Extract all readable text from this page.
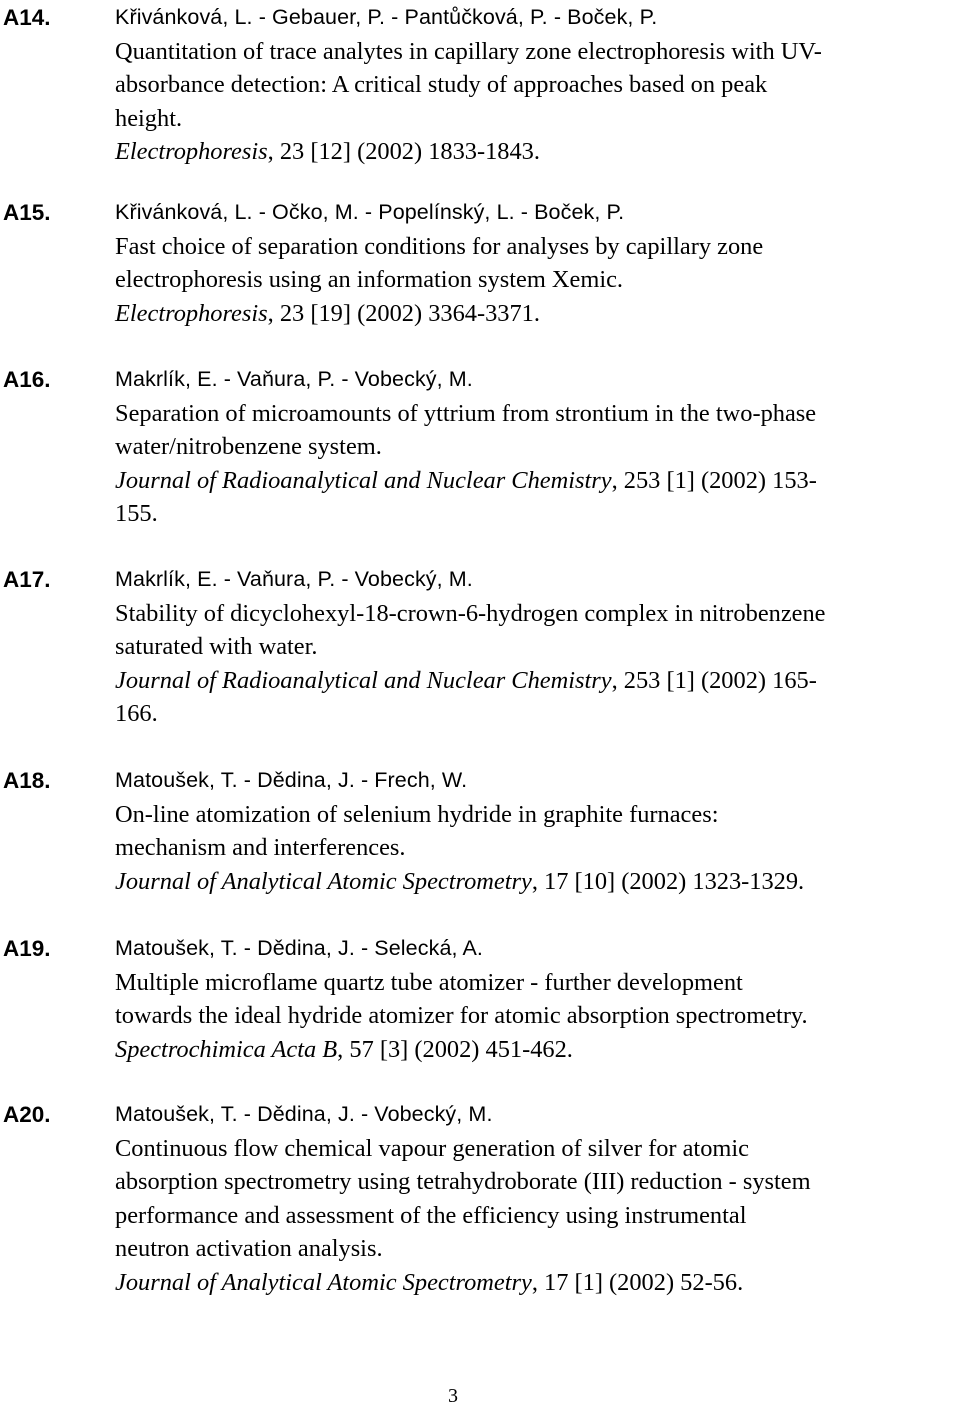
A14.	Křivánková, L. - Gebauer, P. - Pantůčková, P. - Boček, P.
Quantitation of trace analytes in capillary zone electrophoresis with UV-
absorbance detection: A critical study of approaches based on peak
height.
Electrophoresis, 23 [12] (2002) 1833-1843.
A15.	Křivánková, L. - Očko, M. - Popelínský, L. - Boček, P.
Fast choice of separation conditions for analyses by capillary zone
electrophoresis using an information system Xemic.
Electrophoresis, 23 [19] (2002) 3364-3371.
A16.	Makrlík, E. - Vaňura, P. - Vobecký, M.
Separation of microamounts of yttrium from strontium in the two-phase
water/nitrobenzene system.
Journal of Radioanalytical and Nuclear Chemistry, 253 [1] (2002) 153-
155.
A17.	Makrlík, E. - Vaňura, P. - Vobecký, M.
Stability of dicyclohexyl-18-crown-6-hydrogen complex in nitrobenzene
saturated with water.
Journal of Radioanalytical and Nuclear Chemistry, 253 [1] (2002) 165-
166.
A18.	Matoušek, T. - Dědina, J. - Frech, W.
On-line atomization of selenium hydride in graphite furnaces:
mechanism and interferences.
Journal of Analytical Atomic Spectrometry, 17 [10] (2002) 1323-1329.
A19.	Matoušek, T. - Dědina, J. - Selecká, A.
Multiple microflame quartz tube atomizer - further development
towards the ideal hydride atomizer for atomic absorption spectrometry.
Spectrochimica Acta B, 57 [3] (2002) 451-462.
A20.	Matoušek, T. - Dědina, J. - Vobecký, M.
Continuous flow chemical vapour generation of silver for atomic
absorption spectrometry using tetrahydroborate (III) reduction - system
performance and assessment of the efficiency using instrumental
neutron activation analysis.
Journal of Analytical Atomic Spectrometry, 17 [1] (2002) 52-56.
3
